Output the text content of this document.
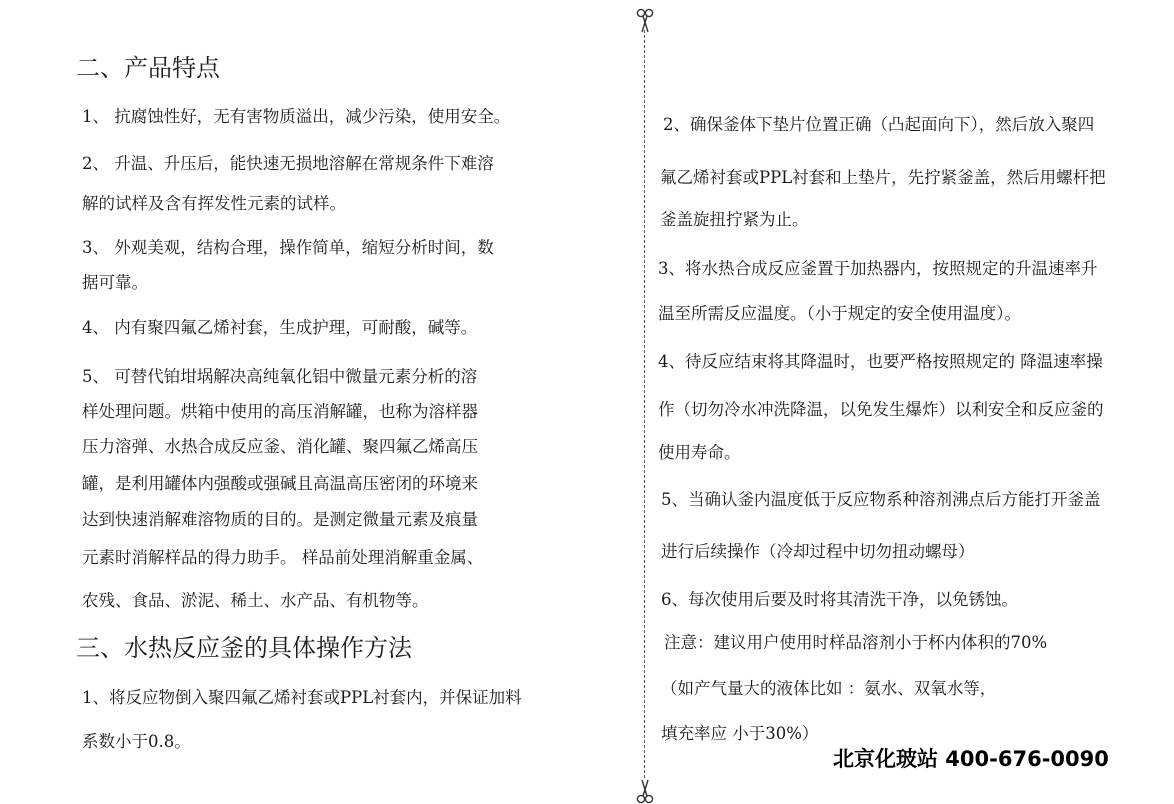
二、产品特点
1、 抗腐蚀性好，无有害物质溢出，减少污染，使用安全。
2、 升温、升压后，能快速无损地溶解在常规条件下难溶
解的试样及含有挥发性元素的试样。
3、 外观美观，结构合理，操作简单，缩短分析时间，数
据可靠。
4、 内有聚四氟乙烯衬套，生成护理，可耐酸，碱等。
5、 可替代铂坩埚解决高纯氧化铝中微量元素分析的溶
样处理问题。烘箱中使用的高压消解罐，也称为溶样器
压力溶弹、水热合成反应釜、消化罐、聚四氟乙烯高压
罐，是利用罐体内强酸或强碱且高温高压密闭的环境来
达到快速消解难溶物质的目的。是测定微量元素及痕量
元素时消解样品的得力助手。 样品前处理消解重金属、
农残、食品、淤泥、稀土、水产品、有机物等。
三、水热反应釜的具体操作方法
1、将反应物倒入聚四氟乙烯衬套或PPL衬套内，并保证加料
系数小于0.8。
2、确保釜体下垫片位置正确（凸起面向下），然后放入聚四
氟乙烯衬套或PPL衬套和上垫片，先拧紧釜盖，然后用螺杆把
釜盖旋扭拧紧为止。
3、将水热合成反应釜置于加热器内，按照规定的升温速率升
温至所需反应温度。（小于规定的安全使用温度）。
4、待反应结束将其降温时，也要严格按照规定的 降温速率操
作（切勿冷水冲洗降温，以免发生爆炸）以利安全和反应釜的
使用寿命。
5、当确认釜内温度低于反应物系种溶剂沸点后方能打开釜盖
进行后续操作（冷却过程中切勿扭动螺母）
6、每次使用后要及时将其清洗干净，以免锈蚀。
注意：建议用户使用时样品溶剂小于杯内体积的70%
（如产气量大的液体比如 ：氨水、双氧水等，
填充率应 小于30%）
北京化玻站 400-676-0090
